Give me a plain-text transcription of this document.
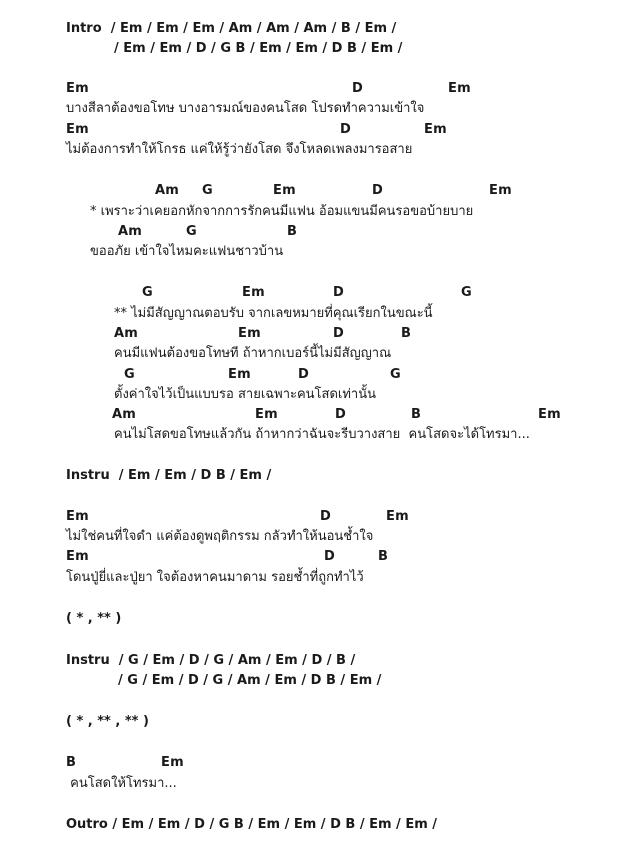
Intro / Em / Em / Em / Am / Am / Am / B / Em /
/ Em / Em / D / G B / Em / Em / D B / Em /
Em	D	Em
บางสีลาต้องขอโทษ บางอารมณ์ของคนโสด โปรดทำความเข้าใจ
Em	D	Em
ไม่ต้องการทำให้โกรธ แค่ให้รู้ว่ายังโสด จึงโหลดเพลงมารอสาย
Am G	Em	D	Em
* เพราะว่าเคยอกหักจากการรักคนมีแฟน อ้อมแขนมีคนรอขอบ้ายบาย
Am	G	B
ขออภัย เข้าใจไหมคะแฟนชาวบ้าน
G	Em	D	G
** ไม่มีสัญญาณตอบรับ จากเลขหมายที่คุณเรียกในขณะนี้
Am	Em	D	B
คนมีแฟนต้องขอโทษที ถ้าหากเบอร์นี้ไม่มีสัญญาณ
G	Em	D	G
ตั้งค่าใจไว้เป็นแบบรอ สายเฉพาะคนโสดเท่านั้น
Am	Em	D	B	Em
คนไม่โสดขอโทษแล้วกัน ถ้าหากว่าฉันจะรีบวางสาย  คนโสดจะได้โทรมา...
Instru / Em / Em / D B / Em /
Em	D	Em
ไม่ใช่คนที่ใจดำ แค่ต้องดูพฤติกรรม กลัวทำให้นอนช้ำใจ
Em	D	B
โดนปู่ยี่และปู่ยา ใจต้องหาคนมาดาม รอยช้ำที่ถูกทำไว้
( * , ** )
Instru / G / Em / D / G / Am / Em / D / B /
/ G / Em / D / G / Am / Em / D B / Em /
( * , ** , ** )
B	Em
คนโสดให้โทรมา...
Outro / Em / Em / D / G B / Em / Em / D B / Em / Em /
